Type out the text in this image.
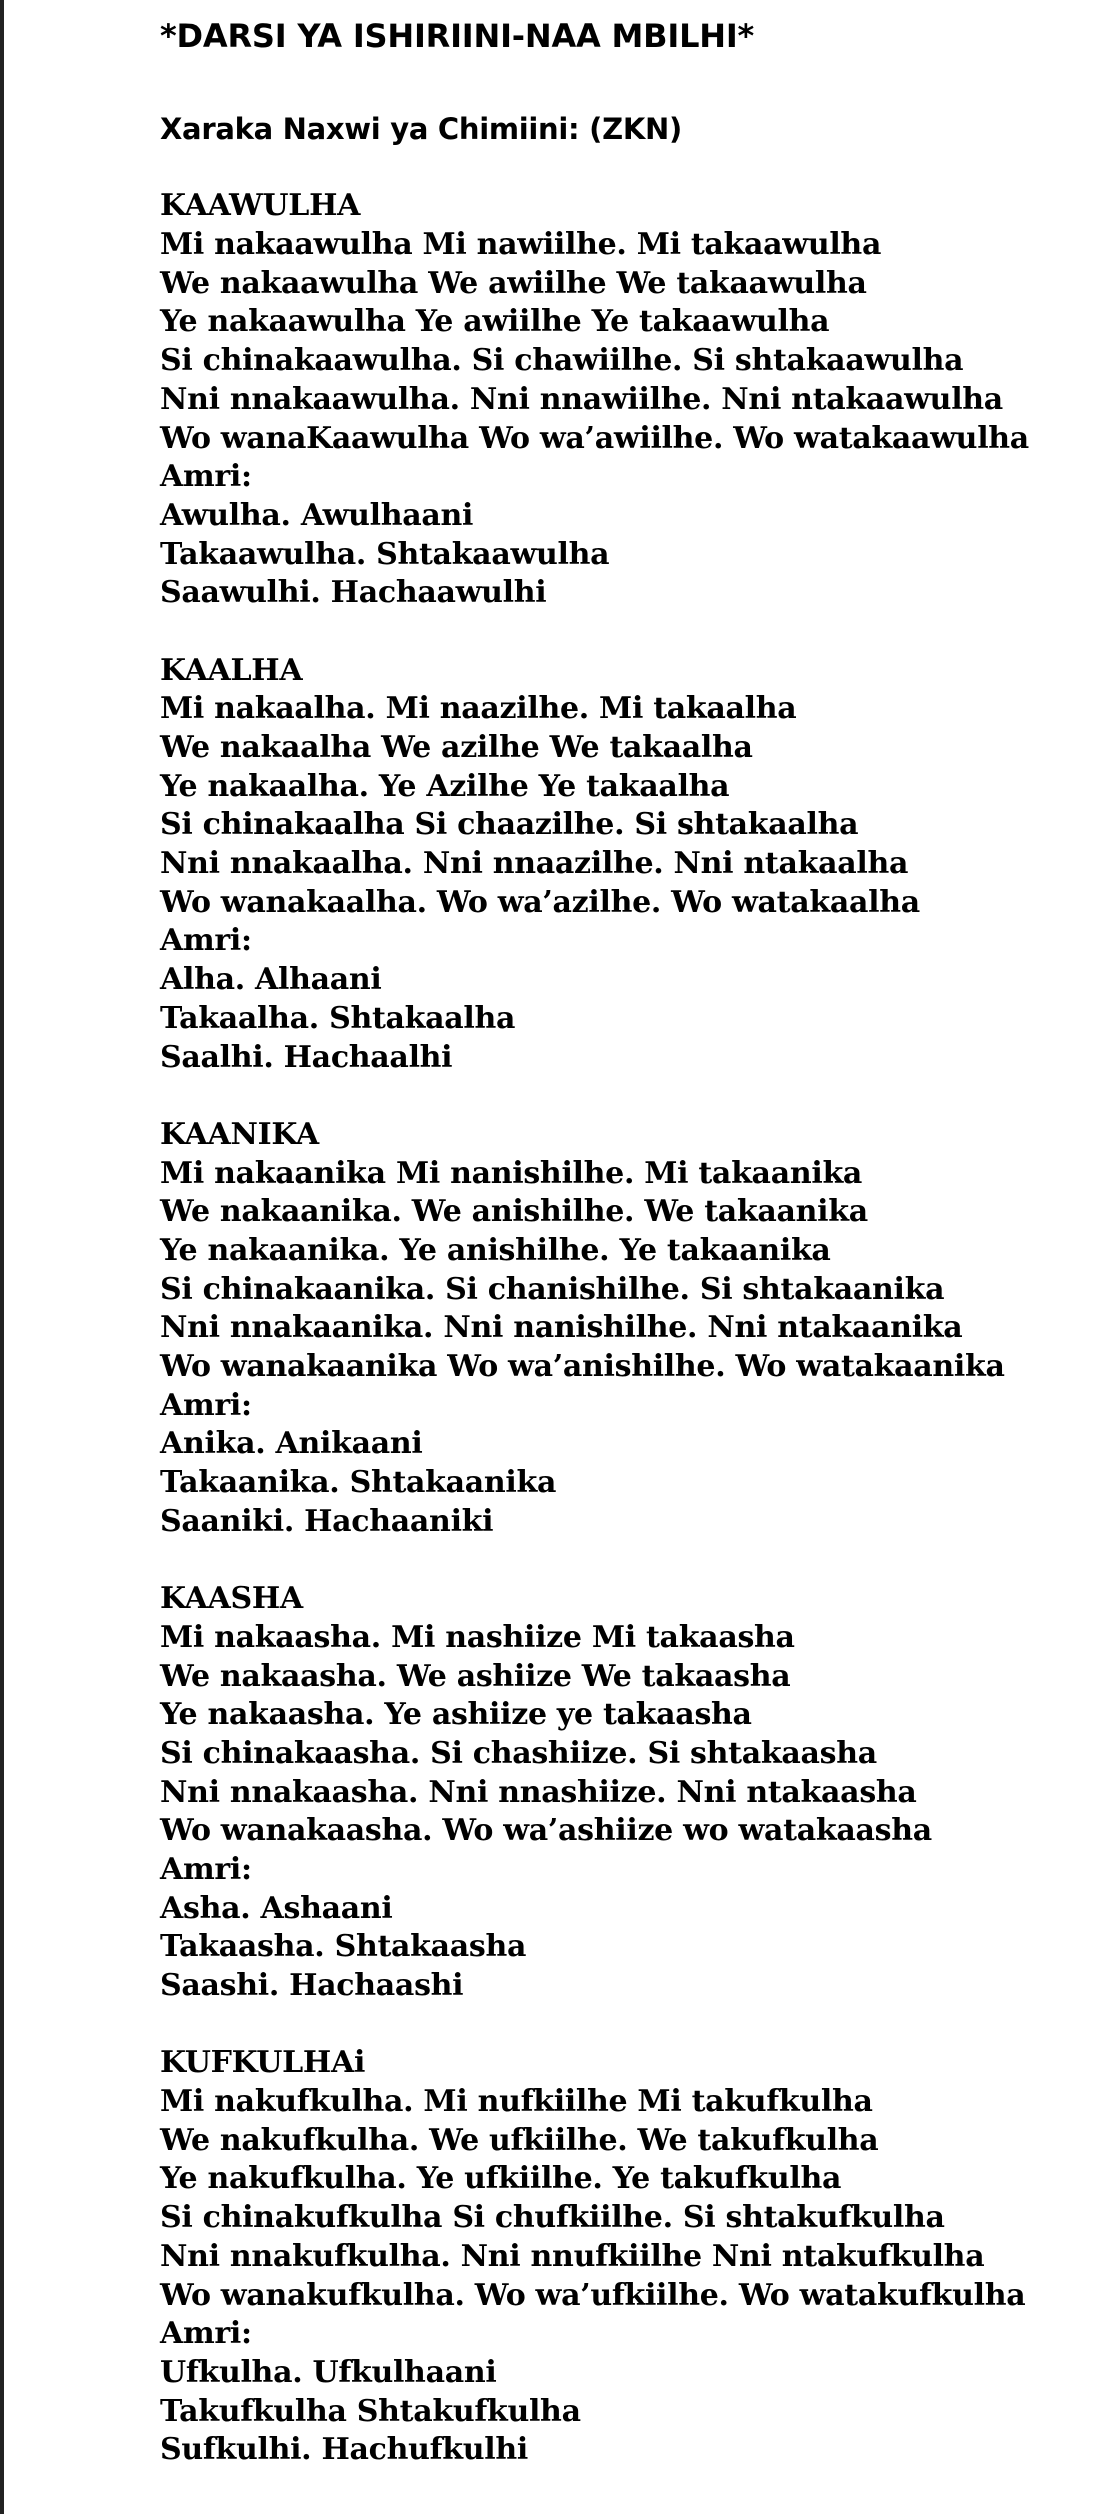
*DARSI YA ISHIRIINI-NAA MBILHI*
Xaraka Naxwi ya Chimiini: (ZKN)
KAAWULHA
Mi nakaawulha Mi nawiilhe. Mi takaawulha
We nakaawulha We awiilhe We takaawulha
Ye nakaawulha Ye awiilhe Ye takaawulha
Si chinakaawulha. Si chawiilhe. Si shtakaawulha
Nni nnakaawulha. Nni nnawiilhe. Nni ntakaawulha
Wo wanaKaawulha Wo wa’awiilhe. Wo watakaawulha
Amri:
Awulha. Awulhaani
Takaawulha. Shtakaawulha
Saawulhi. Hachaawulhi
KAALHA
Mi nakaalha. Mi naazilhe. Mi takaalha
We nakaalha We azilhe We takaalha
Ye nakaalha. Ye Azilhe Ye takaalha
Si chinakaalha Si chaazilhe. Si shtakaalha
Nni nnakaalha. Nni nnaazilhe. Nni ntakaalha
Wo wanakaalha. Wo wa’azilhe. Wo watakaalha
Amri:
Alha. Alhaani
Takaalha. Shtakaalha
Saalhi. Hachaalhi
KAANIKA
Mi nakaanika Mi nanishilhe. Mi takaanika
We nakaanika. We anishilhe. We takaanika
Ye nakaanika. Ye anishilhe. Ye takaanika
Si chinakaanika. Si chanishilhe. Si shtakaanika
Nni nnakaanika. Nni nanishilhe. Nni ntakaanika
Wo wanakaanika Wo wa’anishilhe. Wo watakaanika
Amri:
Anika. Anikaani
Takaanika. Shtakaanika
Saaniki. Hachaaniki
KAASHA
Mi nakaasha. Mi nashiize Mi takaasha
We nakaasha. We ashiize We takaasha
Ye nakaasha. Ye ashiize ye takaasha
Si chinakaasha. Si chashiize. Si shtakaasha
Nni nnakaasha. Nni nnashiize. Nni ntakaasha
Wo wanakaasha. Wo wa’ashiize wo watakaasha
Amri:
Asha. Ashaani
Takaasha. Shtakaasha
Saashi. Hachaashi
KUFKULHAi
Mi nakufkulha. Mi nufkiilhe Mi takufkulha
We nakufkulha. We ufkiilhe. We takufkulha
Ye nakufkulha. Ye ufkiilhe. Ye takufkulha
Si chinakufkulha Si chufkiilhe. Si shtakufkulha
Nni nnakufkulha. Nni nnufkiilhe Nni ntakufkulha
Wo wanakufkulha. Wo wa’ufkiilhe. Wo watakufkulha
Amri:
Ufkulha. Ufkulhaani
Takufkulha Shtakufkulha
Sufkulhi. Hachufkulhi
